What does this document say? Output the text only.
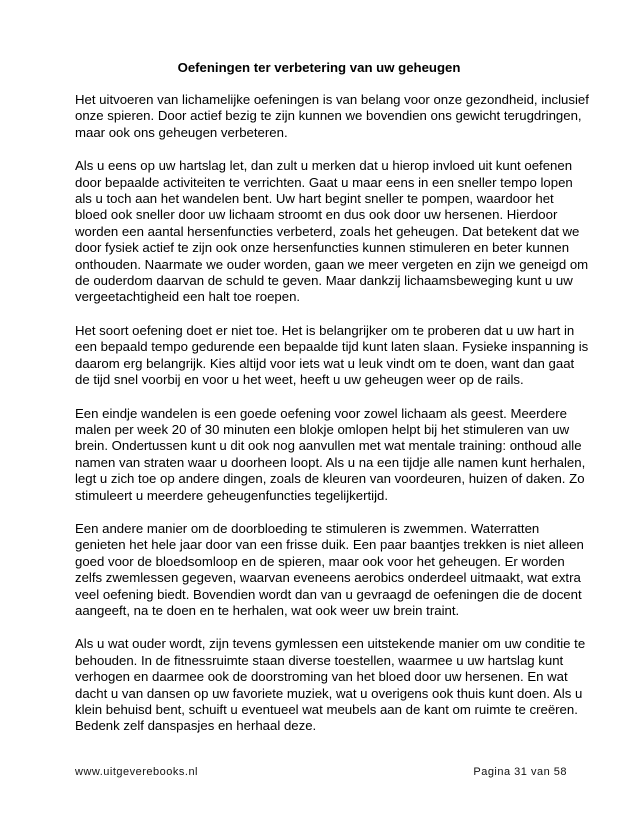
Oefeningen ter verbetering van uw geheugen

Het uitvoeren van lichamelijke oefeningen is van belang voor onze gezondheid, inclusief
onze spieren. Door actief bezig te zijn kunnen we bovendien ons gewicht terugdringen,
maar ook ons geheugen verbeteren.

Als u eens op uw hartslag let, dan zult u merken dat u hierop invloed uit kunt oefenen
door bepaalde activiteiten te verrichten. Gaat u maar eens in een sneller tempo lopen
als u toch aan het wandelen bent. Uw hart begint sneller te pompen, waardoor het
bloed ook sneller door uw lichaam stroomt en dus ook door uw hersenen. Hierdoor
worden een aantal hersenfuncties verbeterd, zoals het geheugen. Dat betekent dat we
door fysiek actief te zijn ook onze hersenfuncties kunnen stimuleren en beter kunnen
onthouden. Naarmate we ouder worden, gaan we meer vergeten en zijn we geneigd om
de ouderdom daarvan de schuld te geven. Maar dankzij lichaamsbeweging kunt u uw
vergeetachtigheid een halt toe roepen.

Het soort oefening doet er niet toe. Het is belangrijker om te proberen dat u uw hart in
een bepaald tempo gedurende een bepaalde tijd kunt laten slaan. Fysieke inspanning is
daarom erg belangrijk. Kies altijd voor iets wat u leuk vindt om te doen, want dan gaat
de tijd snel voorbij en voor u het weet, heeft u uw geheugen weer op de rails.

Een eindje wandelen is een goede oefening voor zowel lichaam als geest. Meerdere
malen per week 20 of 30 minuten een blokje omlopen helpt bij het stimuleren van uw
brein. Ondertussen kunt u dit ook nog aanvullen met wat mentale training: onthoud alle
namen van straten waar u doorheen loopt. Als u na een tijdje alle namen kunt herhalen,
legt u zich toe op andere dingen, zoals de kleuren van voordeuren, huizen of daken. Zo
stimuleert u meerdere geheugenfuncties tegelijkertijd.

Een andere manier om de doorbloeding te stimuleren is zwemmen. Waterratten
genieten het hele jaar door van een frisse duik. Een paar baantjes trekken is niet alleen
goed voor de bloedsomloop en de spieren, maar ook voor het geheugen. Er worden
zelfs zwemlessen gegeven, waarvan eveneens aerobics onderdeel uitmaakt, wat extra
veel oefening biedt. Bovendien wordt dan van u gevraagd de oefeningen die de docent
aangeeft, na te doen en te herhalen, wat ook weer uw brein traint.

Als u wat ouder wordt, zijn tevens gymlessen een uitstekende manier om uw conditie te
behouden. In de fitnessruimte staan diverse toestellen, waarmee u uw hartslag kunt
verhogen en daarmee ook de doorstroming van het bloed door uw hersenen. En wat
dacht u van dansen op uw favoriete muziek, wat u overigens ook thuis kunt doen. Als u
klein behuisd bent, schuift u eventueel wat meubels aan de kant om ruimte te creëren.
Bedenk zelf danspasjes en herhaal deze.

www.uitgeverebooks.nl	Pagina 31 van 58
